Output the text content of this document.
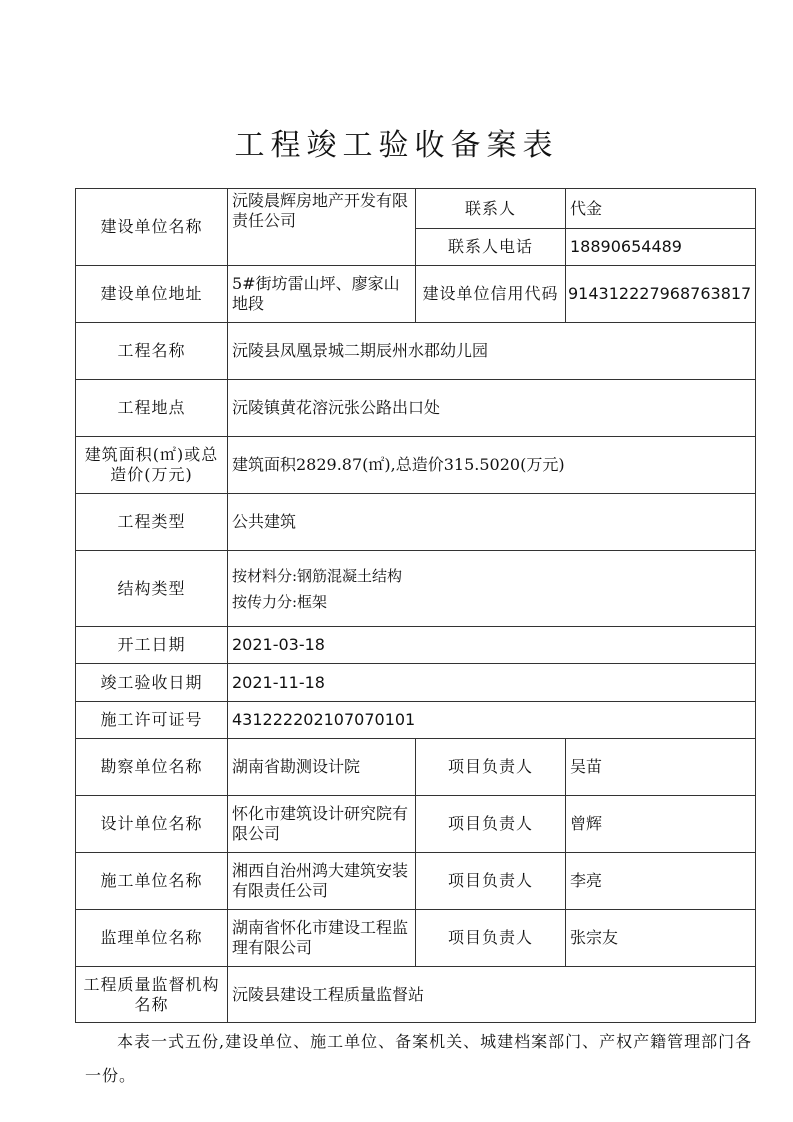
工程竣工验收备案表
建设单位名称	沅陵晨辉房地产开发有限责任公司	联系人	代金
		联系人电话	18890654489
建设单位地址	5#街坊雷山坪、廖家山地段	建设单位信用代码	914312227968763817
工程名称	沅陵县凤凰景城二期辰州水郡幼儿园		
工程地点	沅陵镇黄花溶沅张公路出口处		
建筑面积(㎡)或总造价(万元)	建筑面积2829.87(㎡),总造价315.5020(万元)		
工程类型	公共建筑		
结构类型	按材料分:钢筋混凝土结构

按传力分:框架		

开工日期	2021-03-18		
竣工验收日期	2021-11-18		
施工许可证号	431222202107070101		
勘察单位名称	湖南省勘测设计院	项目负责人	吴苗
设计单位名称	怀化市建筑设计研究院有限公司	项目负责人	曾辉
施工单位名称	湘西自治州鸿大建筑安装有限责任公司	项目负责人	李亮
监理单位名称	湖南省怀化市建设工程监理有限公司	项目负责人	张宗友
工程质量监督机构名称	沅陵县建设工程质量监督站		
本表一式五份,建设单位、施工单位、备案机关、城建档案部门、产权产籍管理部门各一份。
